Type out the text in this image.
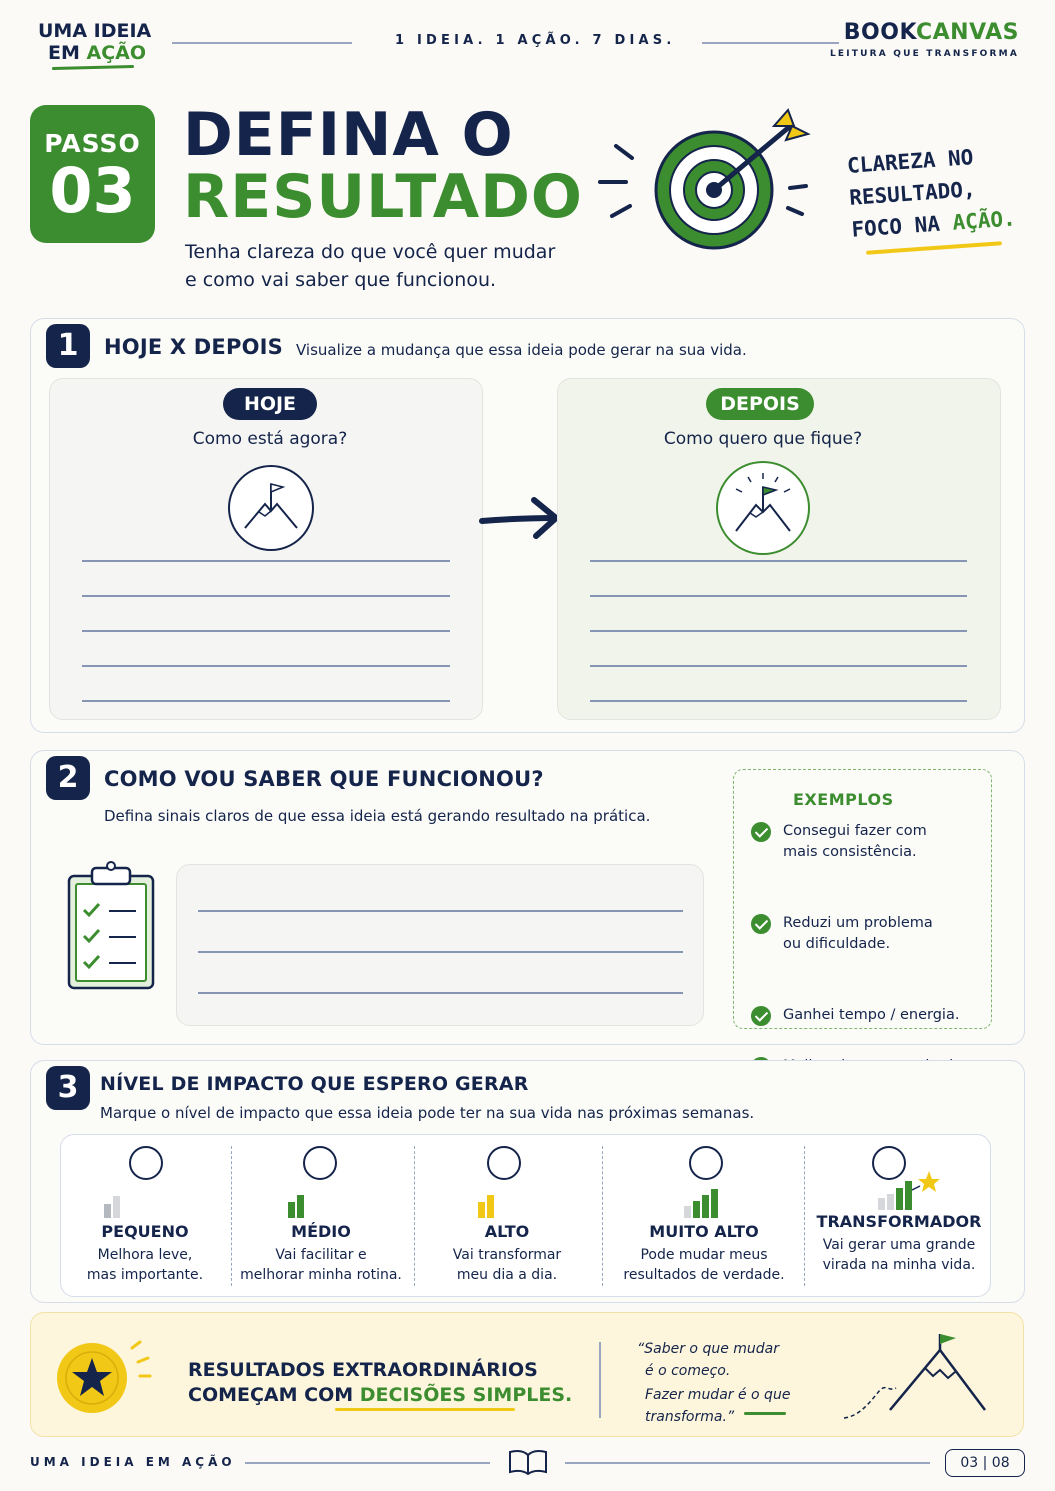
UMA IDEIA
EM AÇÃO
1 IDEIA. 1 AÇÃO. 7 DIAS.	BOOKCANVAS
LEITURA QUE TRANSFORMA
PASSO
03
DEFINA O
RESULTADO
Tenha clareza do que você quer mudar
e como vai saber que funcionou.
CLAREZA NO
RESULTADO,
FOCO NA AÇÃO.
1	HOJE X DEPOIS Visualize a mudança que essa ideia pode gerar na sua vida.
HOJE
Como está agora?
DEPOIS
Como quero que fique?
2	COMO VOU SABER QUE FUNCIONOU?
Defina sinais claros de que essa ideia está gerando resultado na prática.
EXEMPLOS
Consegui fazer com
mais consistência.
Reduzi um problema
ou dificuldade.
Ganhei tempo / energia.
3	NÍVEL DE IMPACTO QUE ESPERO GERAR
Marque o nível de impacto que essa ideia pode ter na sua vida nas próximas semanas.
PEQUENO
Melhora leve,
mas importante.
MÉDIO
Vai facilitar e
melhorar minha rotina.
ALTO
Vai transformar
meu dia a dia.
MUITO ALTO
Pode mudar meus
resultados de verdade.
TRANSFORMADOR
Vai gerar uma grande
virada na minha vida.
RESULTADOS EXTRAORDINÁRIOS
COMEÇAM COM DECISÕES SIMPLES.
“Saber o que mudar
é o começo.
Fazer mudar é o que
transforma.”
UMA IDEIA EM AÇÃO	03 | 08
